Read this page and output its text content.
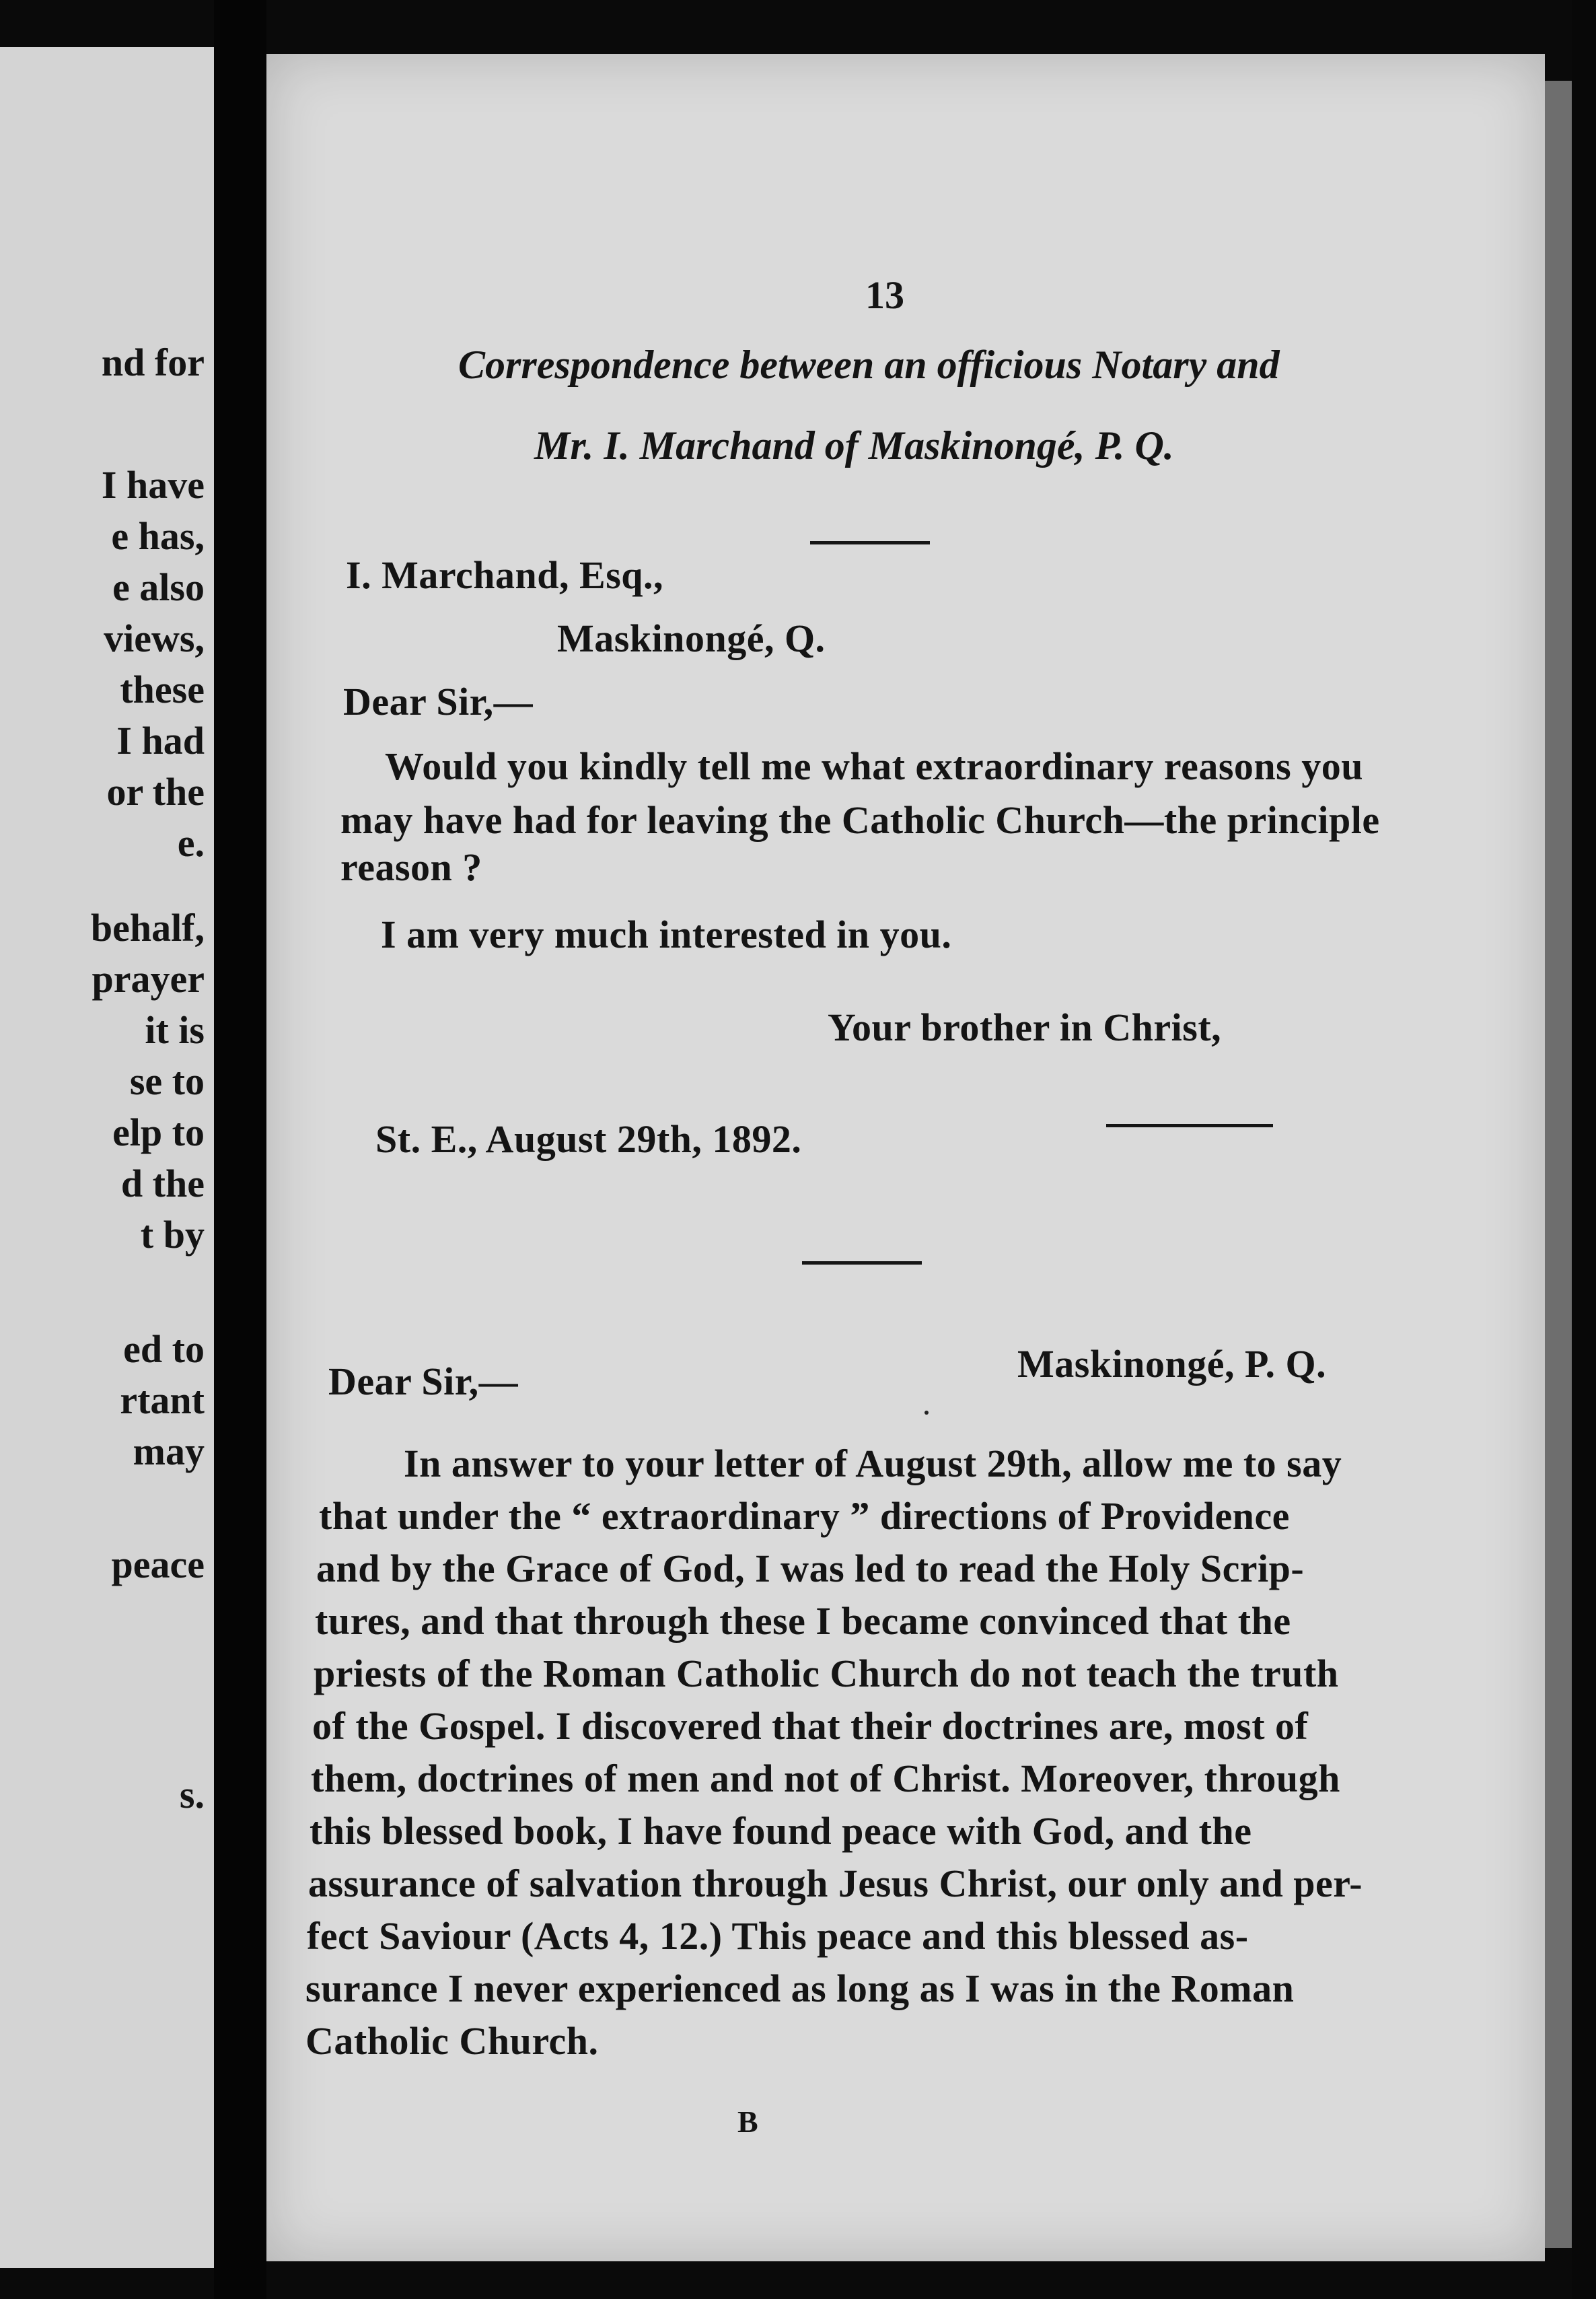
nd for
I have
e has,
e also
views,
these
I had
or the
e.
behalf,
prayer
it is
se to
elp to
d the
t by
ed to
rtant
may
peace
s.
13
Correspondence between an officious Notary and
Mr. I. Marchand of Maskinongé, P. Q.
I. Marchand, Esq.,
Maskinongé, Q.
Dear Sir,—
Would you kindly tell me what extraordinary reasons you
may have had for leaving the Catholic Church—the principle
reason ?
I am very much interested in you.
Your brother in Christ,
St. E., August 29th, 1892.
Maskinongé, P. Q.
Dear Sir,—
In answer to your letter of August 29th, allow me to say
that under the “ extraordinary ” directions of Providence
and by the Grace of God, I was led to read the Holy Scrip-
tures, and that through these I became convinced that the
priests of the Roman Catholic Church do not teach the truth
of the Gospel. I discovered that their doctrines are, most of
them, doctrines of men and not of Christ. Moreover, through
this blessed book, I have found peace with God, and the
assurance of salvation through Jesus Christ, our only and per-
fect Saviour (Acts 4, 12.) This peace and this blessed as-
surance I never experienced as long as I was in the Roman
Catholic Church.
B
